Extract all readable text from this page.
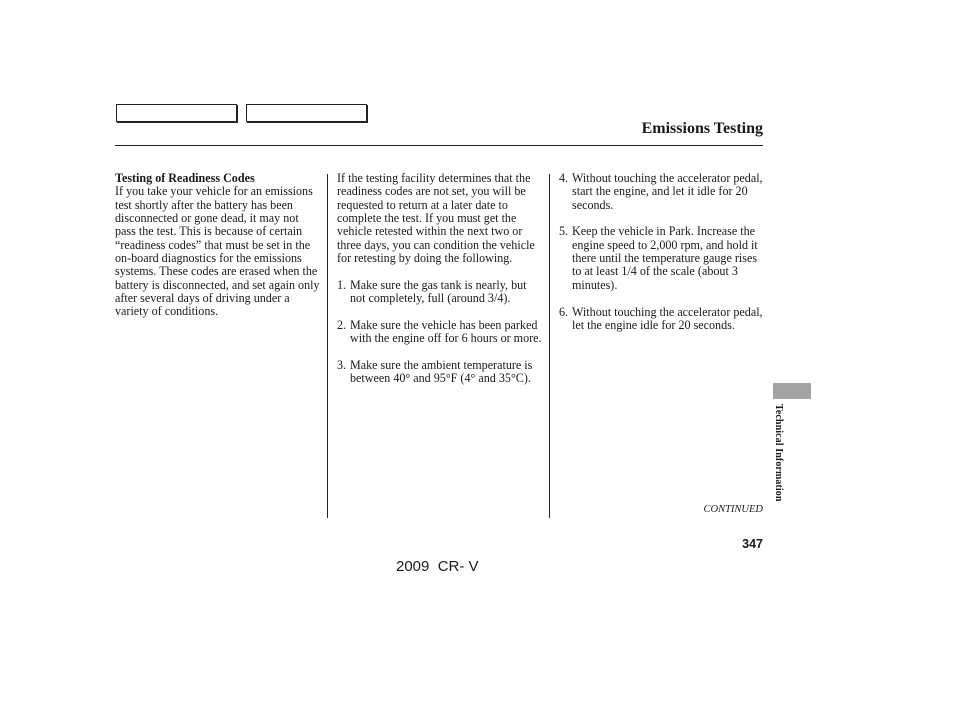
Emissions Testing

Testing of Readiness Codes

If you take your vehicle for an emissions test shortly after the battery has been disconnected or gone dead, it may not pass the test. This is because of certain “readiness codes” that must be set in the on-board diagnostics for the emissions systems. These codes are erased when the battery is disconnected, and set again only after several days of driving under a variety of conditions.

If the testing facility determines that the readiness codes are not set, you will be requested to return at a later date to complete the test. If you must get the vehicle retested within the next two or three days, you can condition the vehicle for retesting by doing the following.

1. Make sure the gas tank is nearly, but not completely, full (around 3/4).

2. Make sure the vehicle has been parked with the engine off for 6 hours or more.

3. Make sure the ambient temperature is between 40° and 95°F (4° and 35°C).

4. Without touching the accelerator pedal, start the engine, and let it idle for 20 seconds.

5. Keep the vehicle in Park. Increase the engine speed to 2,000 rpm, and hold it there until the temperature gauge rises to at least 1/4 of the scale (about 3 minutes).

6. Without touching the accelerator pedal, let the engine idle for 20 seconds.

Technical Information
CONTINUED
347
2009  CR- V
